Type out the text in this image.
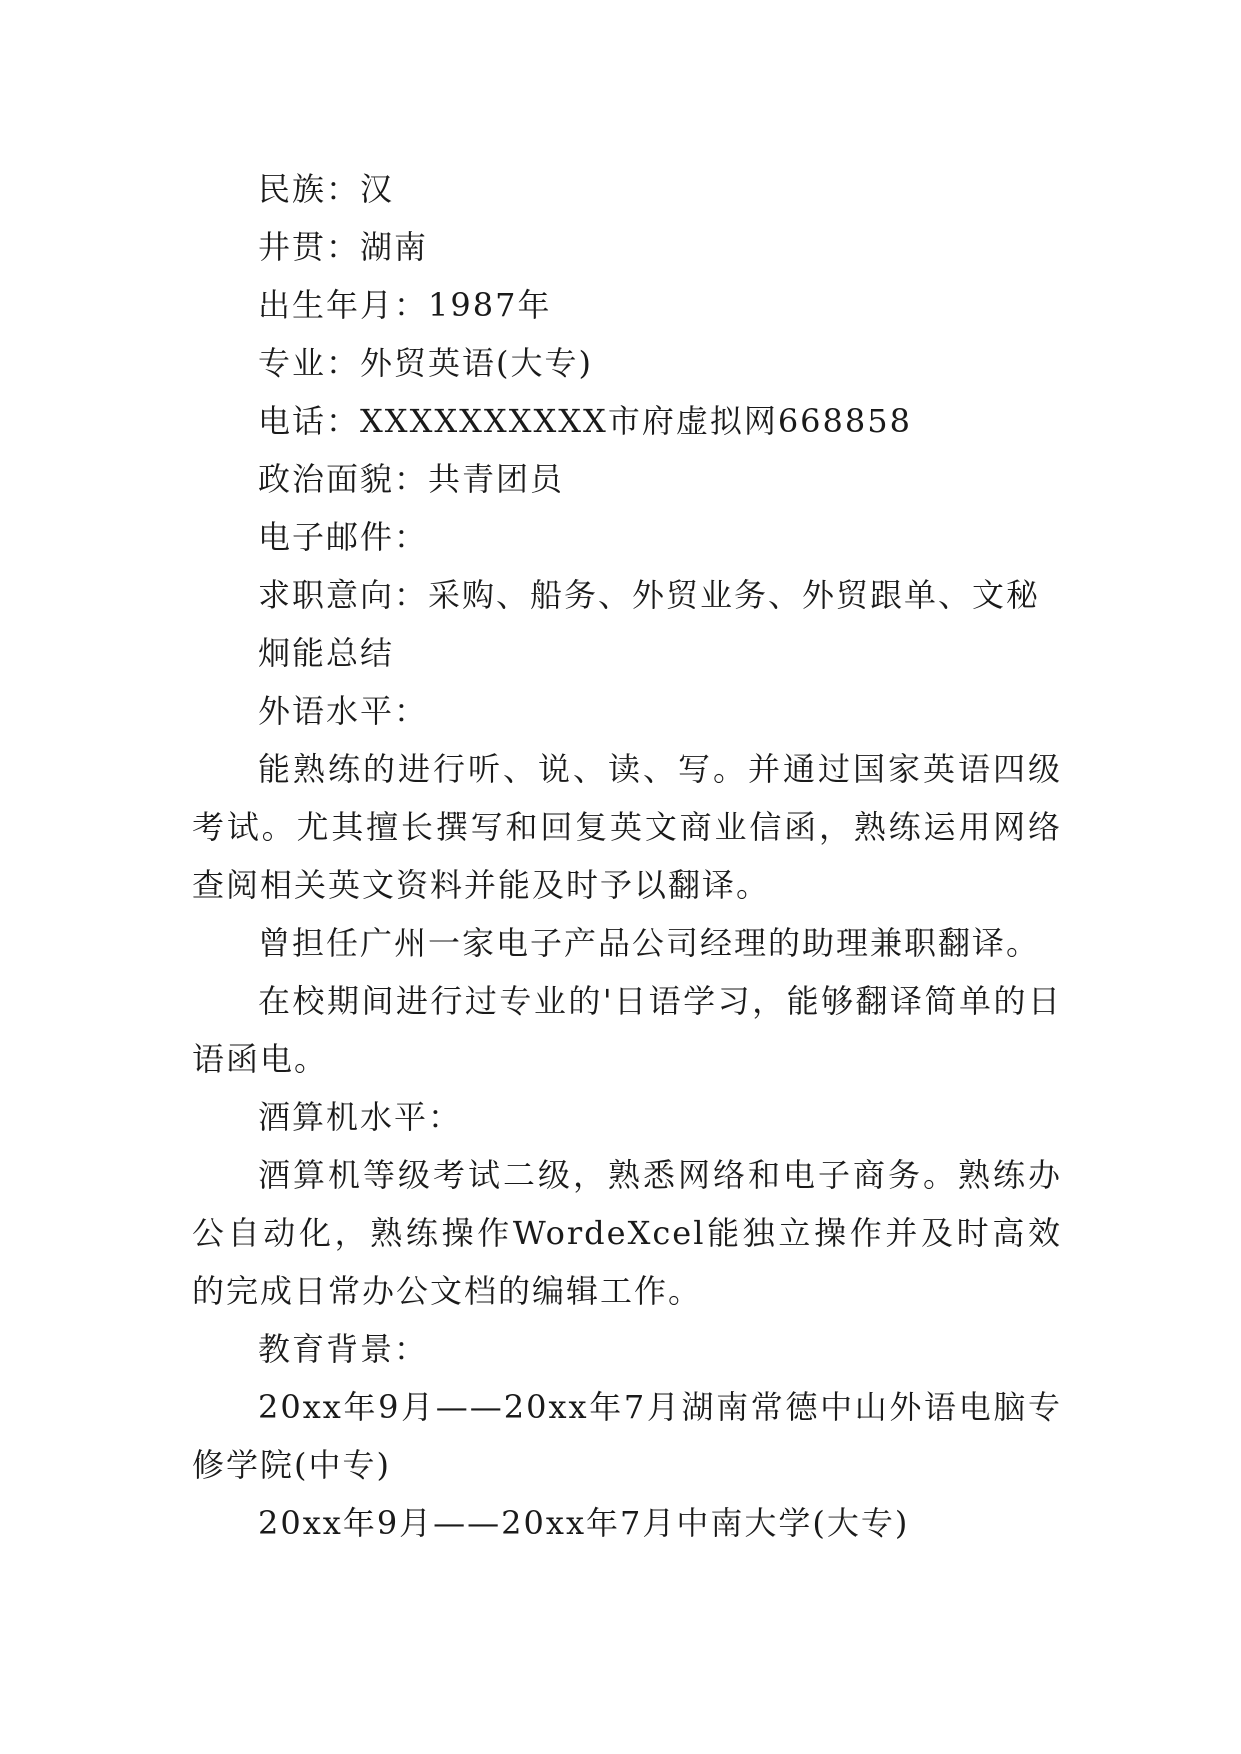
民族：汉

井贯：湖南

出生年月：1987年

专业：外贸英语(大专)

电话：XXXXXXXXXX市府虚拟网668858

政治面貌：共青团员

电子邮件：

求职意向：采购、船务、外贸业务、外贸跟单、文秘

炯能总结

外语水平：

能熟练的进行听、说、读、写。并通过国家英语四级考试。尤其擅长撰写和回复英文商业信函，熟练运用网络查阅相关英文资料并能及时予以翻译。

曾担任广州一家电子产品公司经理的助理兼职翻译。

在校期间进行过专业的'日语学习，能够翻译简单的日语函电。

酒算机水平：

酒算机等级考试二级，熟悉网络和电子商务。熟练办公自动化，熟练操作WordeXcel能独立操作并及时高效的完成日常办公文档的编辑工作。

教育背景：

20xx年9月——20xx年7月湖南常德中山外语电脑专修学院(中专)

20xx年9月——20xx年7月中南大学(大专)
